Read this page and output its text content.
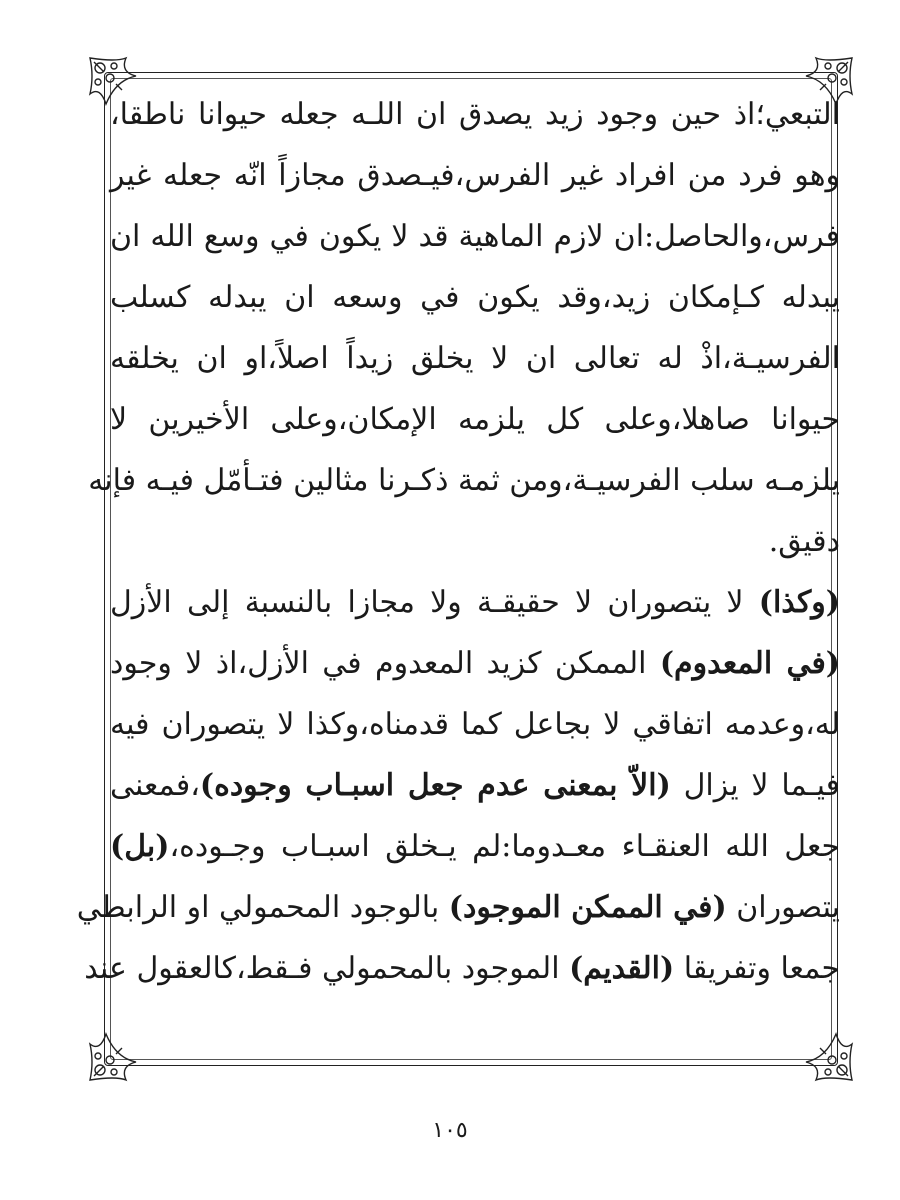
التبعي؛اذ حين وجود زيد يصدق ان اللـه جعله حيوانا ناطقا،
وهو فرد من افراد غير الفرس،فيـصدق مجازاً انّه جعله غير
فرس،والحاصل:ان لازم الماهية قد لا يكون في وسع الله ان
يبدله كـإمكان زيد،وقد يكون في وسعه ان يبدله كسلب
الفرسيـة،اذْ له تعالى ان لا يخلق زيداً اصلاً،او ان يخلقه
حيوانا صاهلا،وعلى كل يلزمه الإمكان،وعلى الأخيرين لا
يلزمـه سلب الفرسيـة،ومن ثمة ذكـرنا مثالين فتـأمّل فيـه فإنه
دقيق.
(وكذا) لا يتصوران لا حقيقـة ولا مجازا بالنسبة إلى الأزل
(في المعدوم) الممكن كزيد المعدوم في الأزل،اذ لا وجود
له،وعدمه اتفاقي لا بجاعل كما قدمناه،وكذا لا يتصوران فيه
فيـما لا يزال (الاّ بمعنى عدم جعل اسبـاب وجوده)،فمعنى
جعل الله العنقـاء معـدوما:لم يـخلق اسبـاب وجـوده،(بل)
يتصوران (في الممكن الموجود) بالوجود المحمولي او الرابطي
جمعا وتفريقا (القديم) الموجود بالمحمولي فـقط،كالعقول عند
١٠٥
